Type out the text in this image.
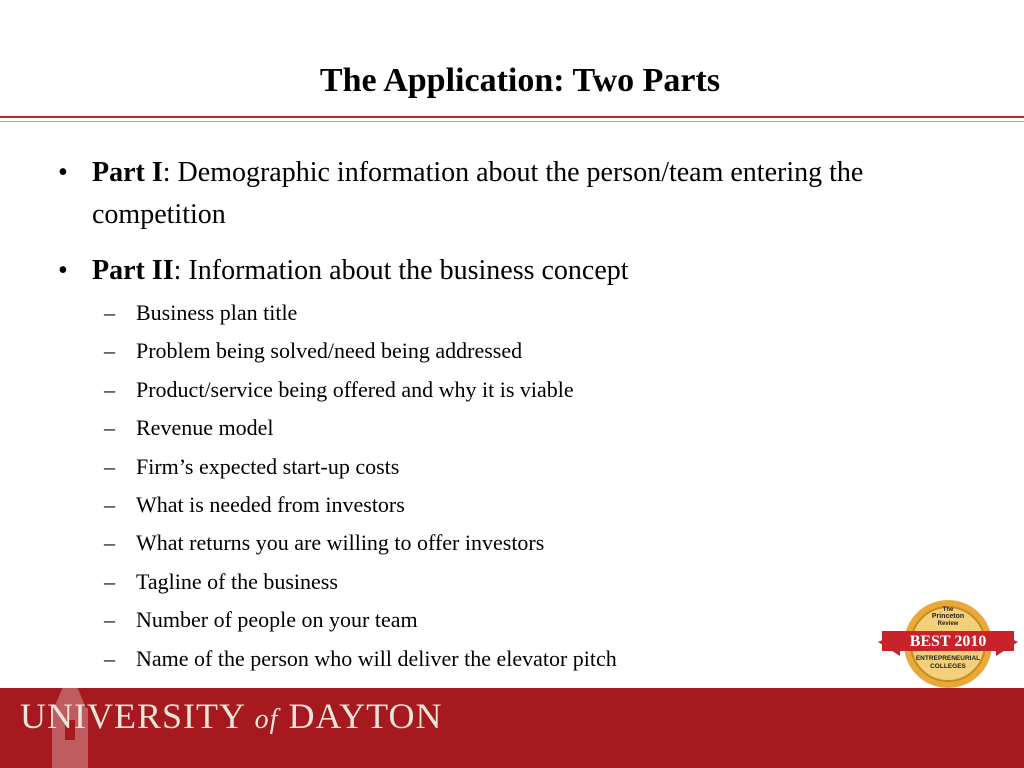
The Application: Two Parts
• Part I: Demographic information about the person/team entering the competition
• Part II: Information about the business concept
– Business plan title
– Problem being solved/need being addressed
– Product/service being offered and why it is viable
– Revenue model
– Firm’s expected start-up costs
– What is needed from investors
– What returns you are willing to offer investors
– Tagline of the business
– Number of people on your team
– Name of the person who will deliver the elevator pitch
UNIVERSITY of DAYTON
The
Princeton
Review
BEST 2010
ENTREPRENEURIAL
COLLEGES
